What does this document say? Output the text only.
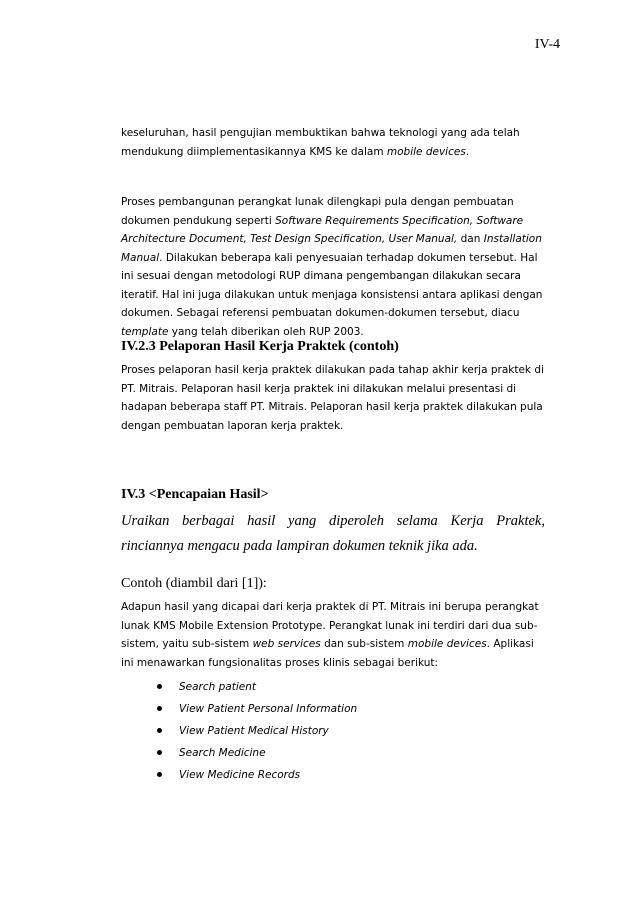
IV-4

keseluruhan, hasil pengujian membuktikan bahwa teknologi yang ada telah mendukung diimplementasikannya KMS ke dalam mobile devices.

Proses pembangunan perangkat lunak dilengkapi pula dengan pembuatan dokumen pendukung seperti Software Requirements Specification, Software Architecture Document, Test Design Specification, User Manual, dan Installation Manual. Dilakukan beberapa kali penyesuaian terhadap dokumen tersebut. Hal ini sesuai dengan metodologi RUP dimana pengembangan dilakukan secara iteratif. Hal ini juga dilakukan untuk menjaga konsistensi antara aplikasi dengan dokumen. Sebagai referensi pembuatan dokumen-dokumen tersebut, diacu template yang telah diberikan oleh RUP 2003.

IV.2.3 Pelaporan Hasil Kerja Praktek (contoh)

Proses pelaporan hasil kerja praktek dilakukan pada tahap akhir kerja praktek di PT. Mitrais. Pelaporan hasil kerja praktek ini dilakukan melalui presentasi di hadapan beberapa staff PT. Mitrais. Pelaporan hasil kerja praktek dilakukan pula dengan pembuatan laporan kerja praktek.

IV.3 <Pencapaian Hasil>

Uraikan berbagai hasil yang diperoleh selama Kerja Praktek, rinciannya mengacu pada lampiran dokumen teknik jika ada.

Contoh (diambil dari [1]):

Adapun hasil yang dicapai dari kerja praktek di PT. Mitrais ini berupa perangkat lunak KMS Mobile Extension Prototype. Perangkat lunak ini terdiri dari dua sub-sistem, yaitu sub-sistem web services dan sub-sistem mobile devices. Aplikasi ini menawarkan fungsionalitas proses klinis sebagai berikut:

Search patient
View Patient Personal Information
View Patient Medical History
Search Medicine
View Medicine Records
